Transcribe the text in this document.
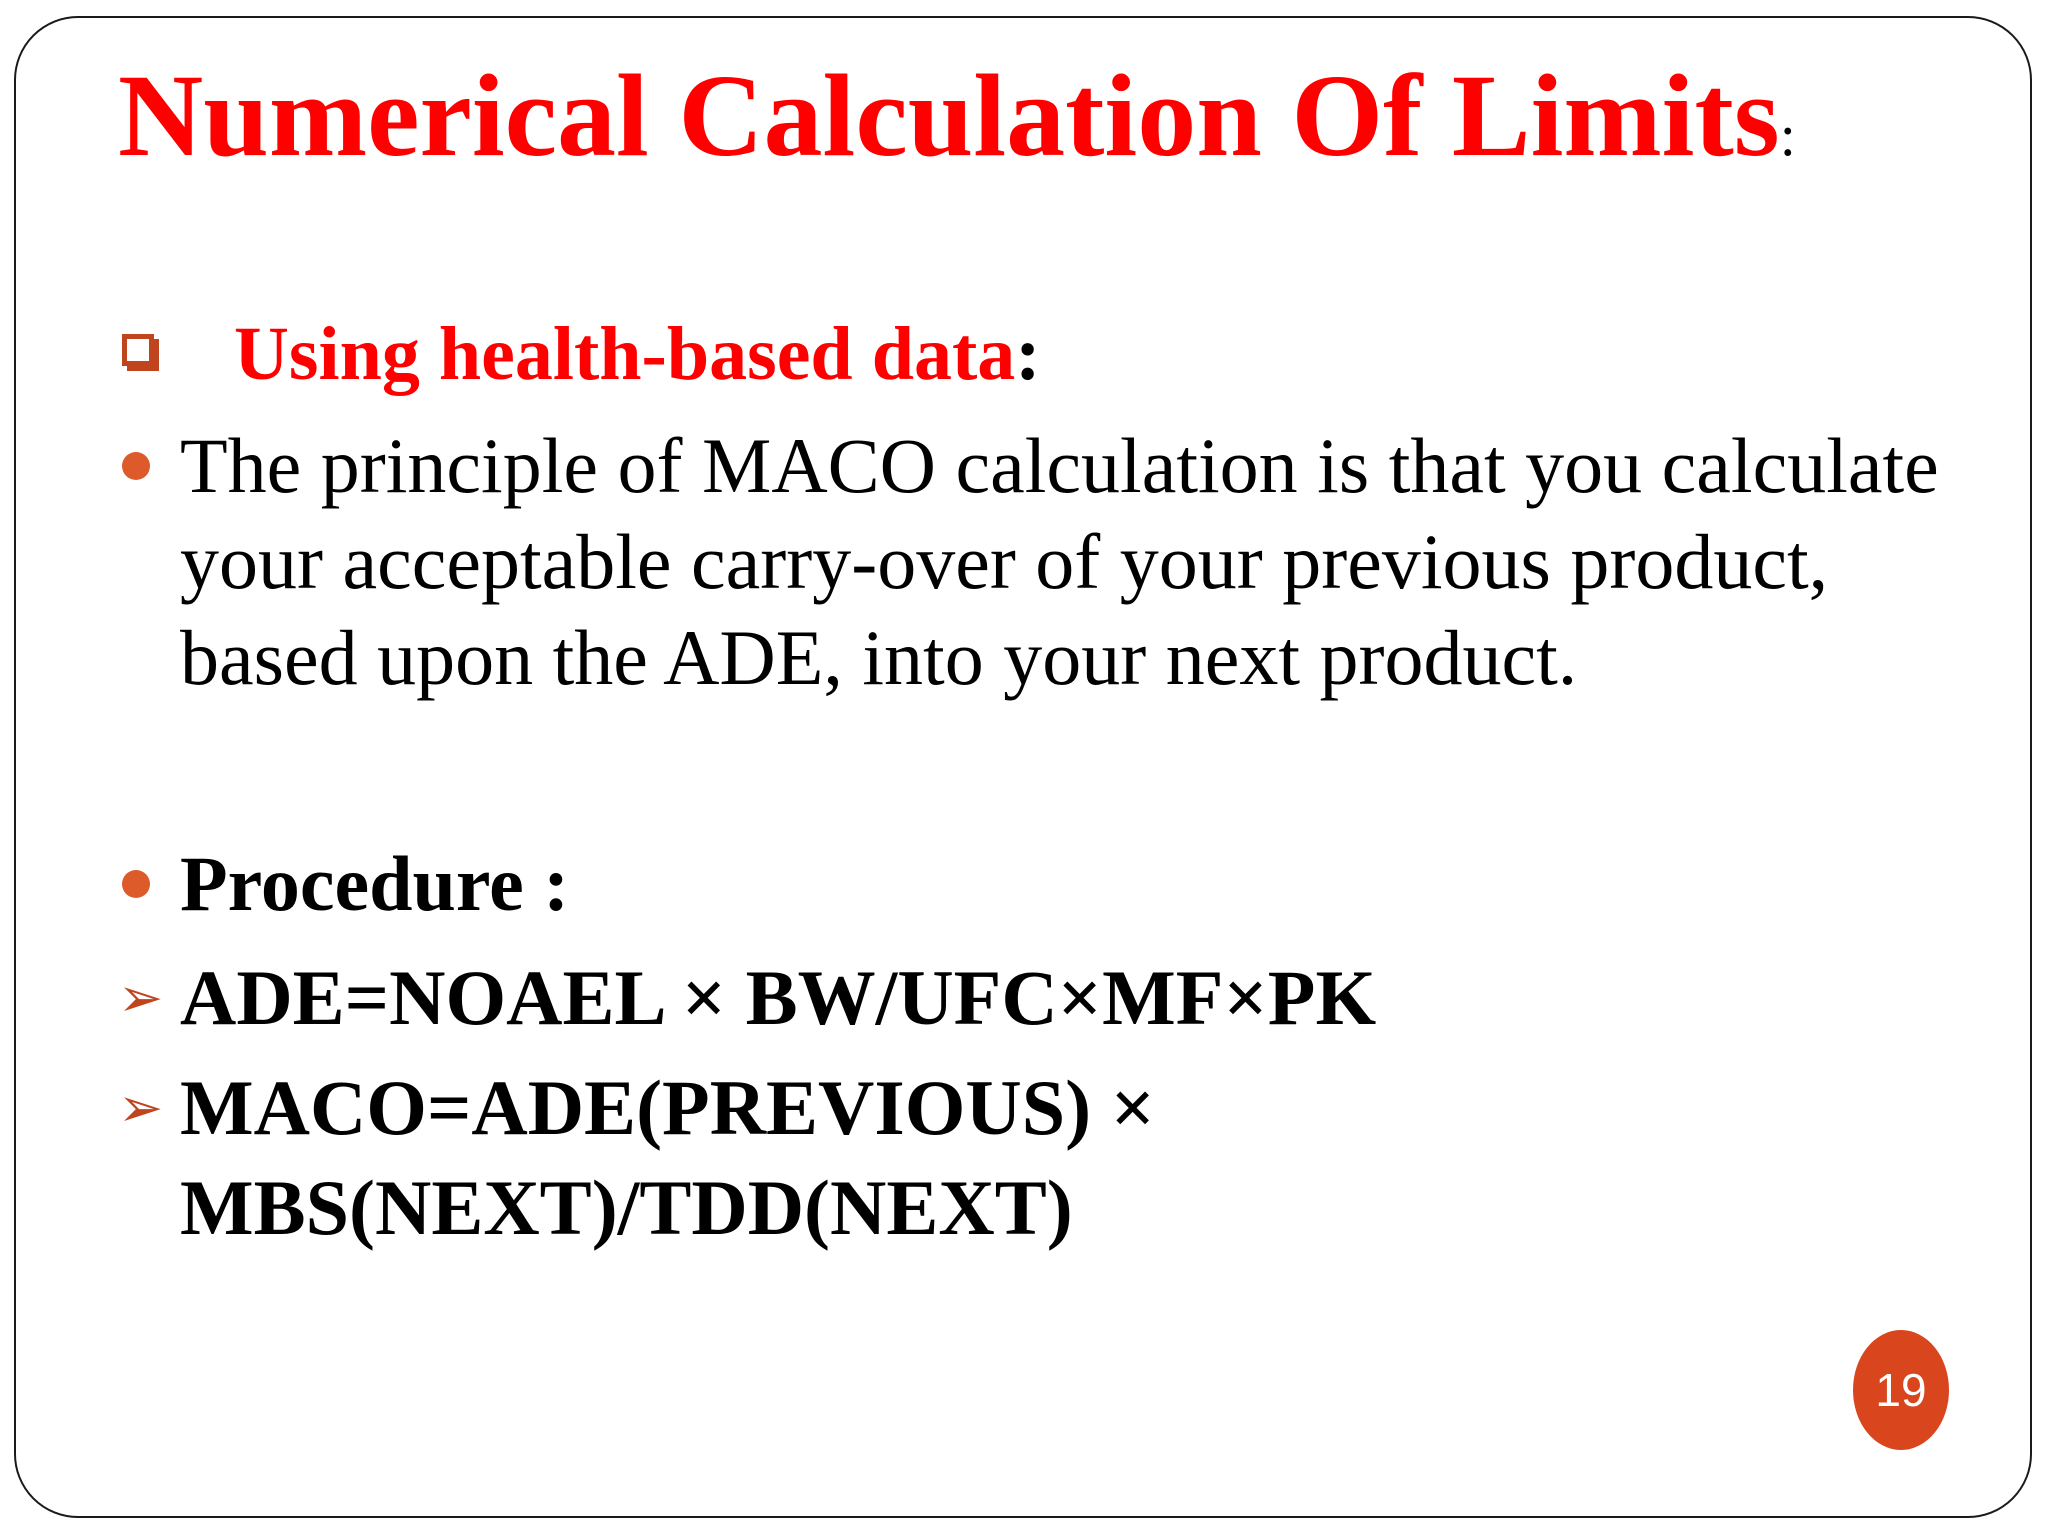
Numerical Calculation Of Limits:
Using health-based data:
The principle of MACO calculation is that you calculate
your acceptable carry-over of your previous product,
based upon the ADE, into your next product.
Procedure :
➢ ADE=NOAEL × BW/UFC×MF×PK
➢ MACO=ADE(PREVIOUS) ×
MBS(NEXT)/TDD(NEXT)
19
